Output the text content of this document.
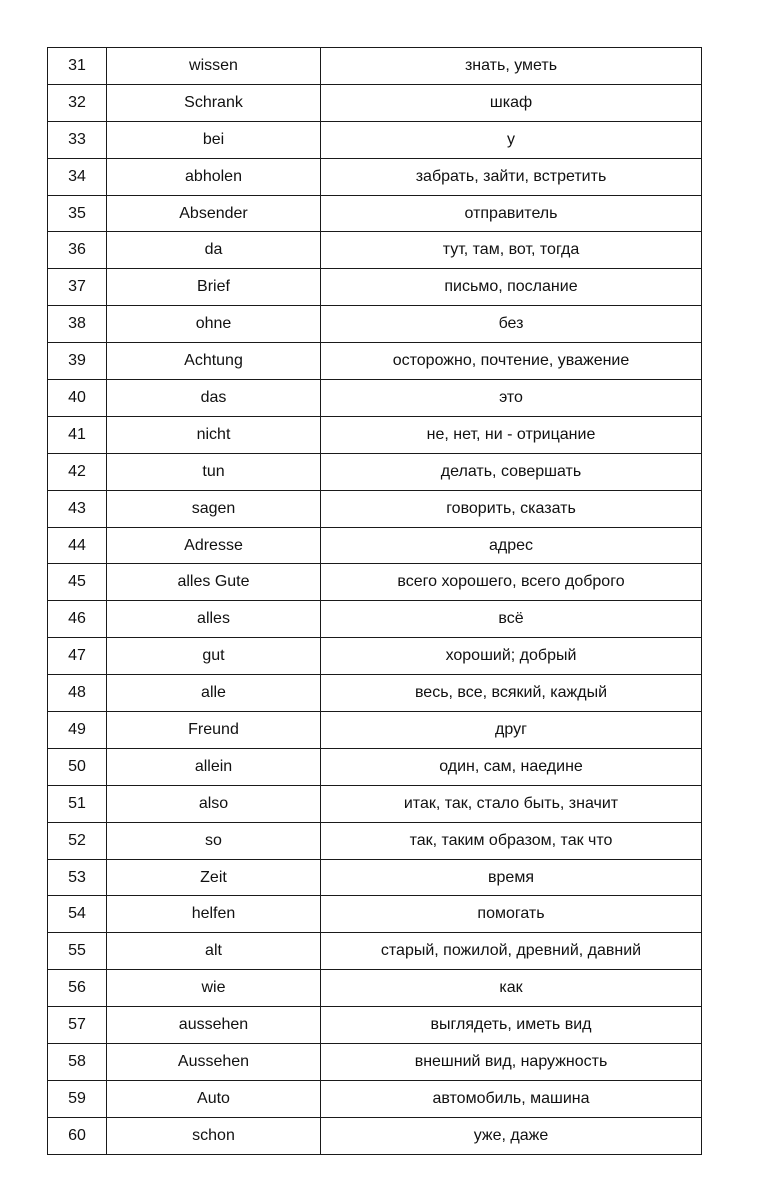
31	wissen	знать, уметь
32	Schrank	шкаф
33	bei	у
34	abholen	забрать, зайти, встретить
35	Absender	отправитель
36	da	тут, там, вот, тогда
37	Brief	письмо, послание
38	ohne	без
39	Achtung	осторожно, почтение, уважение
40	das	это
41	nicht	не, нет, ни - отрицание
42	tun	делать, совершать
43	sagen	говорить, сказать
44	Adresse	адрес
45	alles Gute	всего хорошего, всего доброго
46	alles	всё
47	gut	хороший; добрый
48	alle	весь, все, всякий, каждый
49	Freund	друг
50	allein	один, сам, наедине
51	also	итак, так, стало быть, значит
52	so	так, таким образом, так что
53	Zeit	время
54	helfen	помогать
55	alt	старый, пожилой, древний, давний
56	wie	как
57	aussehen	выглядеть, иметь вид
58	Aussehen	внешний вид, наружность
59	Auto	автомобиль, машина
60	schon	уже, даже
